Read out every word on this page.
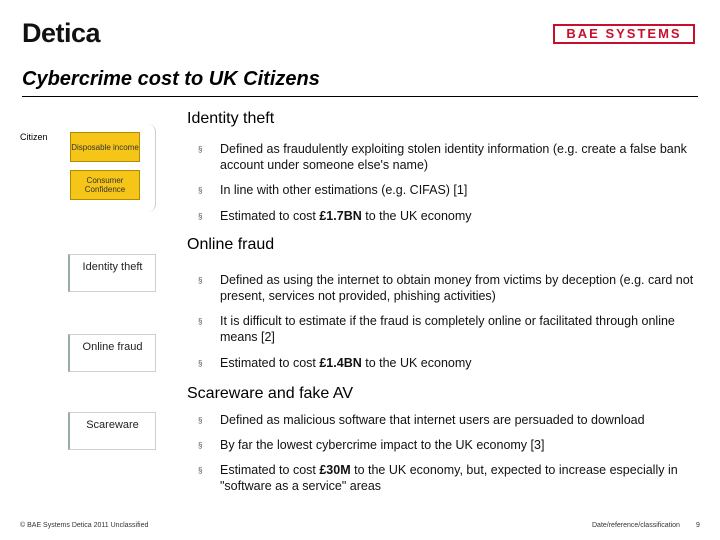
Detica	BAE SYSTEMS
Cybercrime cost to UK Citizens
Citizen
Disposable income
Consumer Confidence
Identity theft
Online fraud
Scareware
Identity theft
§ Defined as fraudulently exploiting stolen identity information (e.g. create a false bank account under someone else's name)
§ In line with other estimations (e.g. CIFAS) [1]
§ Estimated to cost £1.7BN to the UK economy
Online fraud
§ Defined as using the internet to obtain money from victims by deception (e.g. card not present, services not provided, phishing activities)
§ It is difficult to estimate if the fraud is completely online or facilitated through online means [2]
§ Estimated to cost £1.4BN to the UK economy
Scareware and fake AV
§ Defined as malicious software that internet users are persuaded to download
§ By far the lowest cybercrime impact to the UK economy [3]
§ Estimated to cost £30M to the UK economy, but, expected to increase especially in "software as a service" areas
© BAE Systems Detica 2011 Unclassified	Date/reference/classification 9
